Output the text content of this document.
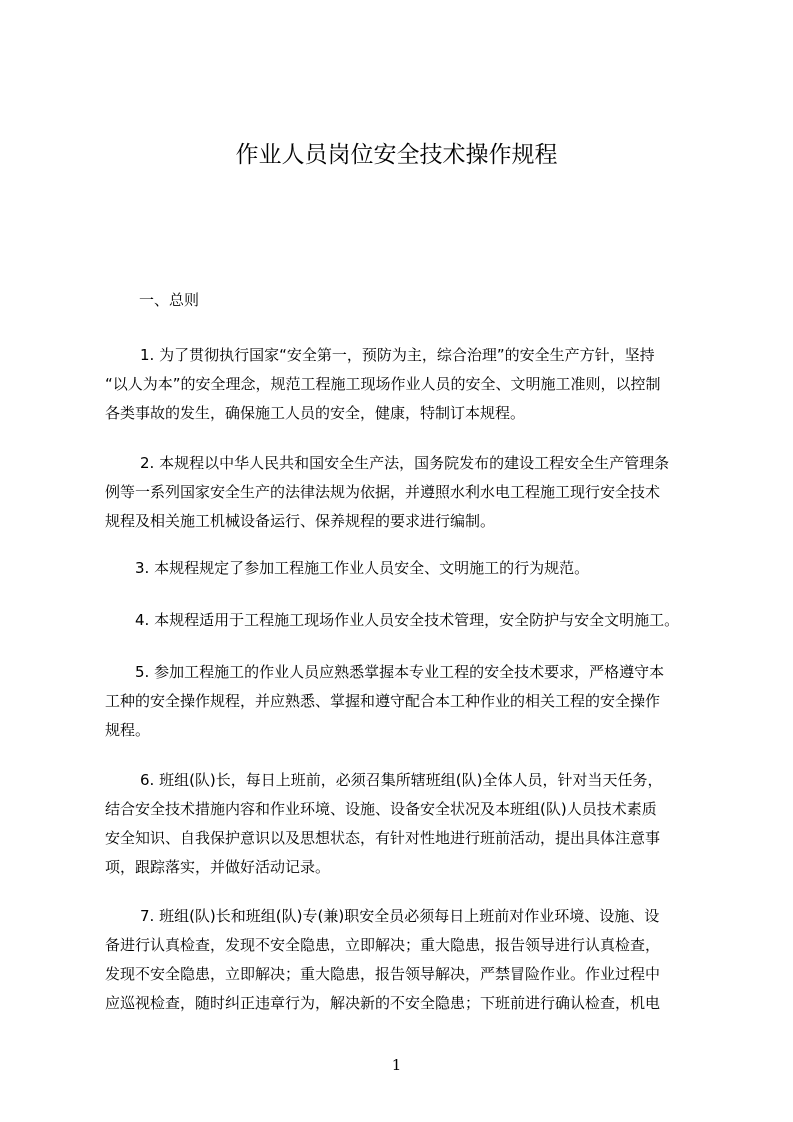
作业人员岗位安全技术操作规程

一、总则

1. 为了贯彻执行国家“安全第一，预防为主，综合治理”的安全生产方针，坚持
“以人为本”的安全理念，规范工程施工现场作业人员的安全、文明施工准则，以控制
各类事故的发生，确保施工人员的安全，健康，特制订本规程。
2. 本规程以中华人民共和国安全生产法，国务院发布的建设工程安全生产管理条
例等一系列国家安全生产的法律法规为依据，并遵照水利水电工程施工现行安全技术
规程及相关施工机械设备运行、保养规程的要求进行编制。
3. 本规程规定了参加工程施工作业人员安全、文明施工的行为规范。
4. 本规程适用于工程施工现场作业人员安全技术管理，安全防护与安全文明施工。
5. 参加工程施工的作业人员应熟悉掌握本专业工程的安全技术要求，严格遵守本
工种的安全操作规程，并应熟悉、掌握和遵守配合本工种作业的相关工程的安全操作
规程。
6. 班组(队)长，每日上班前，必须召集所辖班组(队)全体人员，针对当天任务，
结合安全技术措施内容和作业环境、设施、设备安全状况及本班组(队)人员技术素质
安全知识、自我保护意识以及思想状态，有针对性地进行班前活动，提出具体注意事
项，跟踪落实，并做好活动记录。
7. 班组(队)长和班组(队)专(兼)职安全员必须每日上班前对作业环境、设施、设
备进行认真检查，发现不安全隐患，立即解决；重大隐患，报告领导进行认真检查，
发现不安全隐患，立即解决；重大隐患，报告领导解决，严禁冒险作业。作业过程中
应巡视检查，随时纠正违章行为，解决新的不安全隐患；下班前进行确认检查，机电
1
